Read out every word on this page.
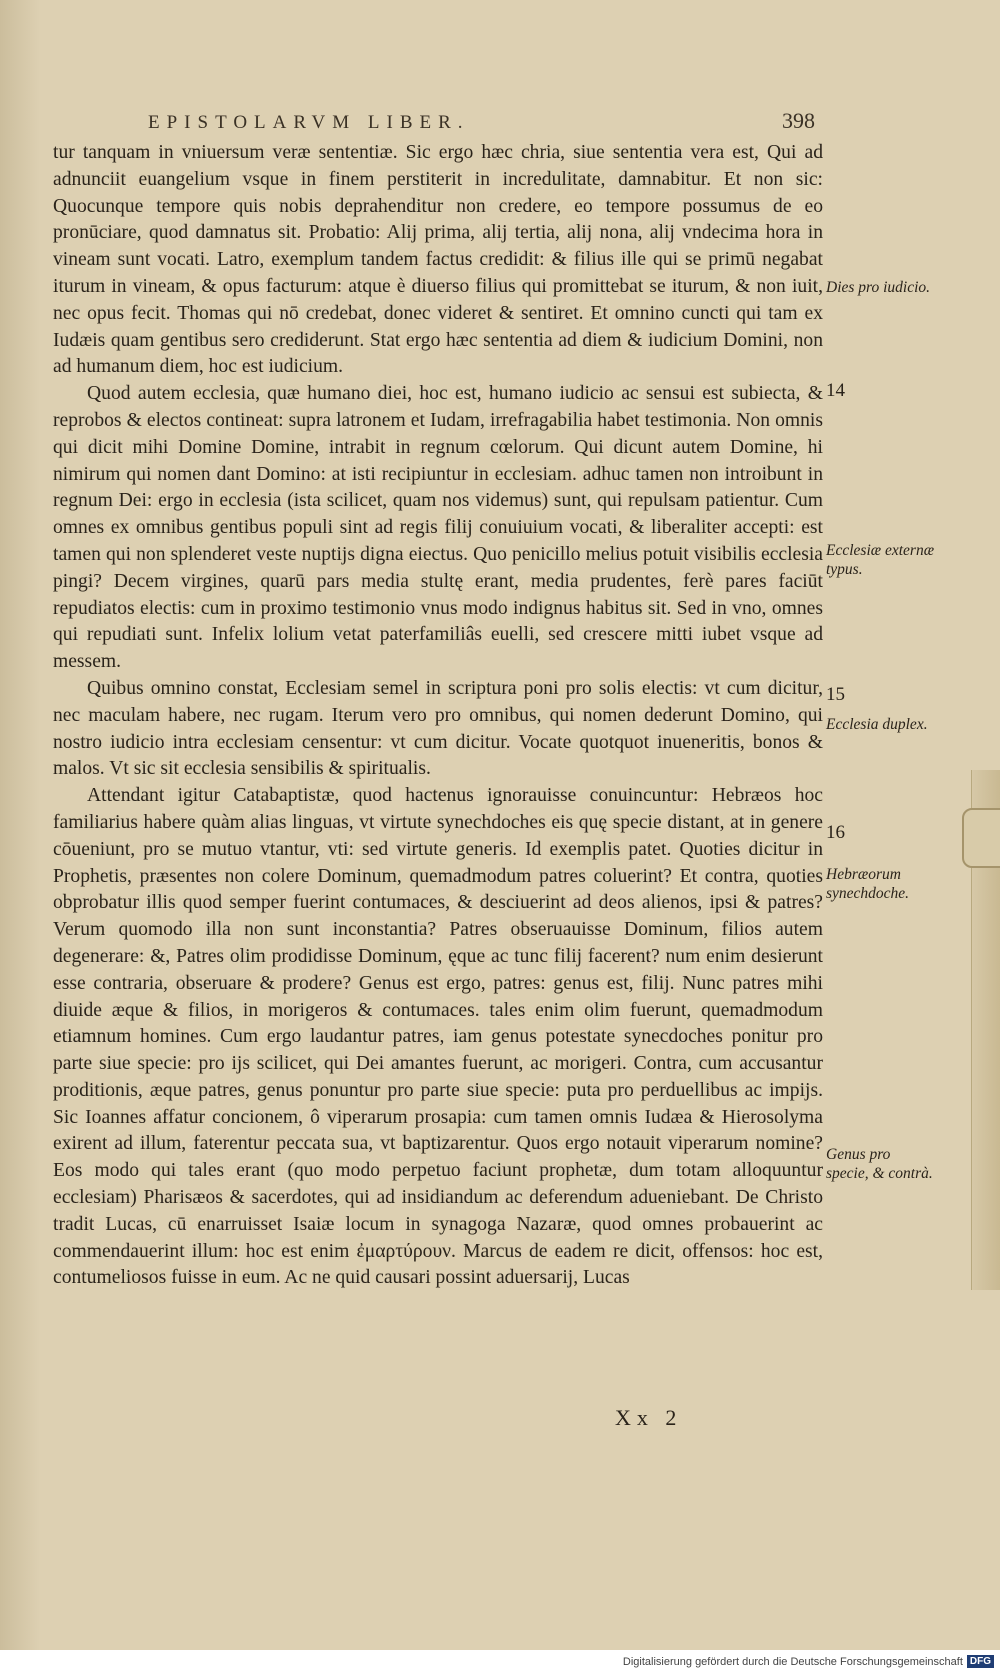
EPISTOLARVM LIBER.	398

tur tanquam in vniuersum veræ sententiæ. Sic ergo hæc chria, siue sententia vera est, Qui ad adnunciit euangelium vsque in finem perstiterit in incredulitate, damnabitur. Et non sic: Quocunque tempore quis nobis deprahenditur non credere, eo tempore possumus de eo pronūciare, quod damnatus sit. Probatio: Alij prima, alij tertia, alij nona, alij vndecima hora in vineam sunt vocati. Latro, exemplum tandem factus credidit: & filius ille qui se primū negabat iturum in vineam, & opus facturum: atque è diuerso filius qui promittebat se iturum, & non iuit, nec opus fecit. Thomas qui nō credebat, donec videret & sentiret. Et omnino cuncti qui tam ex Iudæis quam gentibus sero crediderunt. Stat ergo hæc sententia ad diem & iudicium Domini, non ad humanum diem, hoc est iudicium.

Quod autem ecclesia, quæ humano diei, hoc est, humano iudicio ac sensui est subiecta, & reprobos & electos contineat: supra latronem et Iudam, irrefragabilia habet testimonia. Non omnis qui dicit mihi Domine Domine, intrabit in regnum cœlorum. Qui dicunt autem Domine, hi nimirum qui nomen dant Domino: at isti recipiuntur in ecclesiam. adhuc tamen non introibunt in regnum Dei: ergo in ecclesia (ista scilicet, quam nos videmus) sunt, qui repulsam patientur. Cum omnes ex omnibus gentibus populi sint ad regis filij conuiuium vocati, & liberaliter accepti: est tamen qui non splenderet veste nuptijs digna eiectus. Quo penicillo melius potuit visibilis ecclesia pingi? Decem virgines, quarū pars media stultę erant, media prudentes, ferè pares faciūt repudiatos electis: cum in proximo testimonio vnus modo indignus habitus sit. Sed in vno, omnes qui repudiati sunt. Infelix lolium vetat paterfamiliâs euelli, sed crescere mitti iubet vsque ad messem.

Quibus omnino constat, Ecclesiam semel in scriptura poni pro solis electis: vt cum dicitur, nec maculam habere, nec rugam. Iterum vero pro omnibus, qui nomen dederunt Domino, qui nostro iudicio intra ecclesiam censentur: vt cum dicitur. Vocate quotquot inueneritis, bonos & malos. Vt sic sit ecclesia sensibilis & spiritualis.

Attendant igitur Catabaptistæ, quod hactenus ignorauisse conuincuntur: Hebræos hoc familiarius habere quàm alias linguas, vt virtute synechdoches eis quę specie distant, at in genere cōueniunt, pro se mutuo vtantur, vti: sed virtute generis. Id exemplis patet. Quoties dicitur in Prophetis, præsentes non colere Dominum, quemadmodum patres coluerint? Et contra, quoties obprobatur illis quod semper fuerint contumaces, & desciuerint ad deos alienos, ipsi & patres? Verum quomodo illa non sunt inconstantia? Patres obseruauisse Dominum, filios autem degenerare: &, Patres olim prodidisse Dominum, ęque ac tunc filij facerent? num enim desierunt esse contraria, obseruare & prodere? Genus est ergo, patres: genus est, filij. Nunc patres mihi diuide æque & filios, in morigeros & contumaces. tales enim olim fuerunt, quemadmodum etiamnum homines. Cum ergo laudantur patres, iam genus potestate synecdoches ponitur pro parte siue specie: pro ijs scilicet, qui Dei amantes fuerunt, ac morigeri. Contra, cum accusantur proditionis, æque patres, genus ponuntur pro parte siue specie: puta pro perduellibus ac impijs. Sic Ioannes affatur concionem, ô viperarum prosapia: cum tamen omnis Iudæa & Hierosolyma exirent ad illum, faterentur peccata sua, vt baptizarentur. Quos ergo notauit viperarum nomine? Eos modo qui tales erant (quo modo perpetuo faciunt prophetæ, dum totam alloquuntur ecclesiam) Pharisæos & sacerdotes, qui ad insidiandum ac deferendum adueniebant. De Christo tradit Lucas, cū enarruisset Isaiæ locum in synagoga Nazaræ, quod omnes probauerint ac commendauerint illum: hoc est enim ἐμαρτύρουν. Marcus de eadem re dicit, offensos: hoc est, contumeliosos fuisse in eum. Ac ne quid causari possint aduersarij, Lucas

Dies pro iudicio.
14
Ecclesiæ externæ typus.
15
Ecclesia duplex.
16
Hebræorum synechdoche.
Genus pro specie, & contrà.
Xx 2
Digitalisierung gefördert durch die Deutsche Forschungsgemeinschaft DFG
